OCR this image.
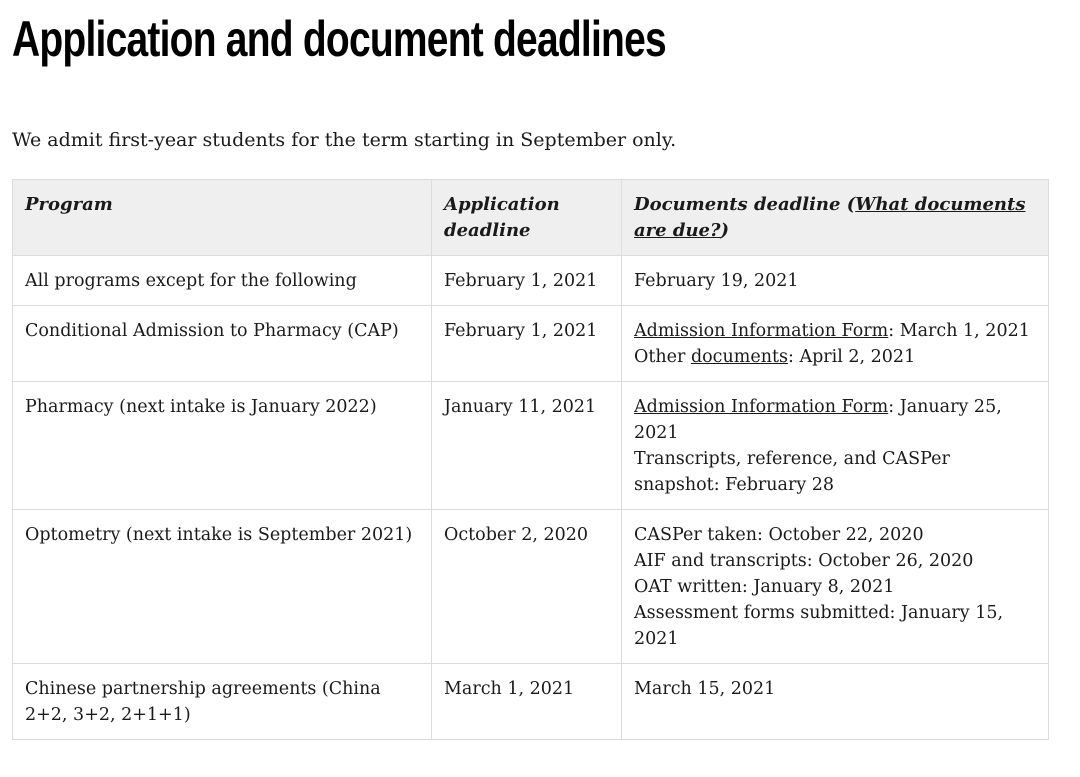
Application and document deadlines

We admit first-year students for the term starting in September only.

Program	Application deadline	Documents deadline (What documents are due?)
All programs except for the following	February 1, 2021	February 19, 2021
Conditional Admission to Pharmacy (CAP)	February 1, 2021	Admission Information Form: March 1, 2021
Other documents: April 2, 2021

Pharmacy (next intake is January 2022)	January 11, 2021	Admission Information Form: January 25, 2021
Transcripts, reference, and CASPer snapshot: February 28

Optometry (next intake is September 2021)	October 2, 2020	CASPer taken: October 22, 2020
AIF and transcripts: October 26, 2020
OAT written: January 8, 2021
Assessment forms submitted: January 15, 2021

Chinese partnership agreements (China 2+2, 3+2, 2+1+1)	March 1, 2021	March 15, 2021
